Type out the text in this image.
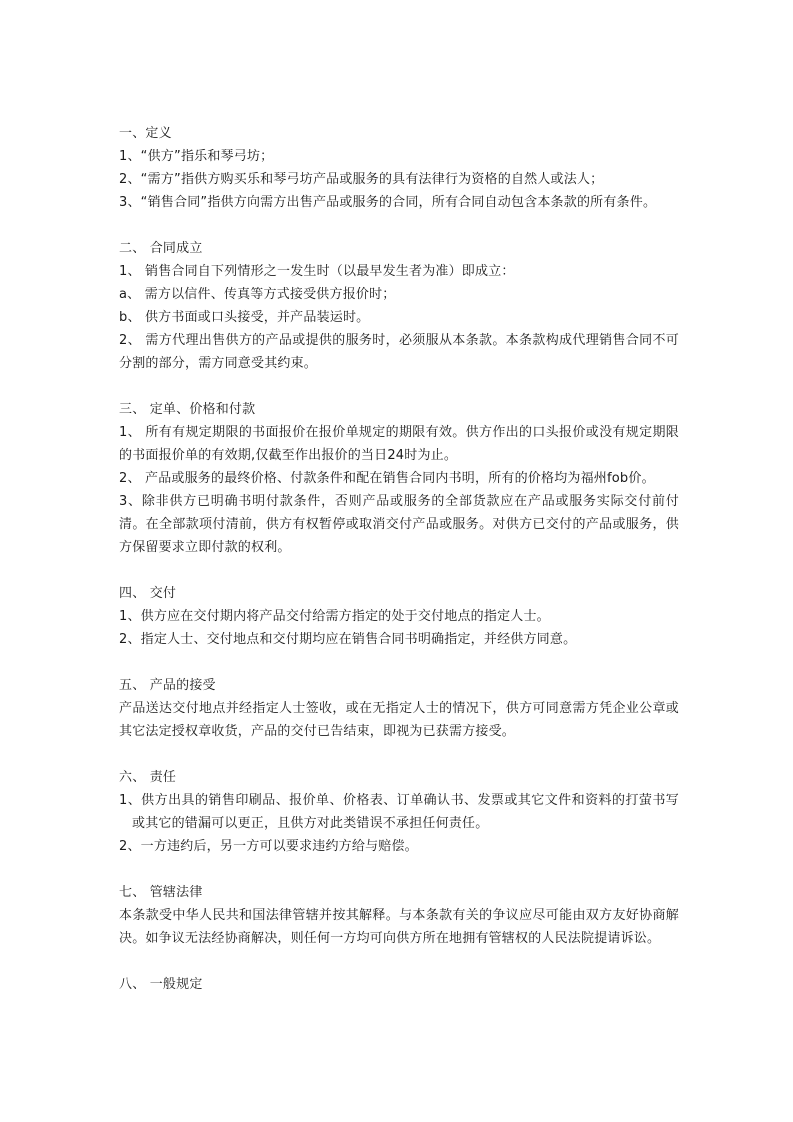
一、定义

1、“供方”指乐和琴弓坊；

2、“需方”指供方购买乐和琴弓坊产品或服务的具有法律行为资格的自然人或法人；

3、“销售合同”指供方向需方出售产品或服务的合同，所有合同自动包含本条款的所有条件。

二、 合同成立

1、 销售合同自下列情形之一发生时（以最早发生者为准）即成立：

a、 需方以信件、传真等方式接受供方报价时；

b、 供方书面或口头接受，并产品装运时。

2、 需方代理出售供方的产品或提供的服务时，必须服从本条款。本条款构成代理销售合同不可分割的部分，需方同意受其约束。

三、 定单、价格和付款

1、 所有有规定期限的书面报价在报价单规定的期限有效。供方作出的口头报价或没有规定期限的书面报价单的有效期,仅截至作出报价的当日24时为止。

2、 产品或服务的最终价格、付款条件和配在销售合同内书明，所有的价格均为福州fob价。

3、除非供方已明确书明付款条件，否则产品或服务的全部货款应在产品或服务实际交付前付清。在全部款项付清前，供方有权暂停或取消交付产品或服务。对供方已交付的产品或服务，供方保留要求立即付款的权利。

四、 交付

1、供方应在交付期内将产品交付给需方指定的处于交付地点的指定人士。

2、指定人士、交付地点和交付期均应在销售合同书明确指定，并经供方同意。

五、 产品的接受

产品送达交付地点并经指定人士签收，或在无指定人士的情况下，供方可同意需方凭企业公章或其它法定授权章收货，产品的交付已告结束，即视为已获需方接受。

六、 责任

1、供方出具的销售印刷品、报价单、价格表、订单确认书、发票或其它文件和资料的打萤书写或其它的错漏可以更正，且供方对此类错误不承担任何责任。

2、一方违约后，另一方可以要求违约方给与赔偿。

七、 管辖法律

本条款受中华人民共和国法律管辖并按其解释。与本条款有关的争议应尽可能由双方友好协商解决。如争议无法经协商解决，则任何一方均可向供方所在地拥有管辖权的人民法院提请诉讼。

八、 一般规定
